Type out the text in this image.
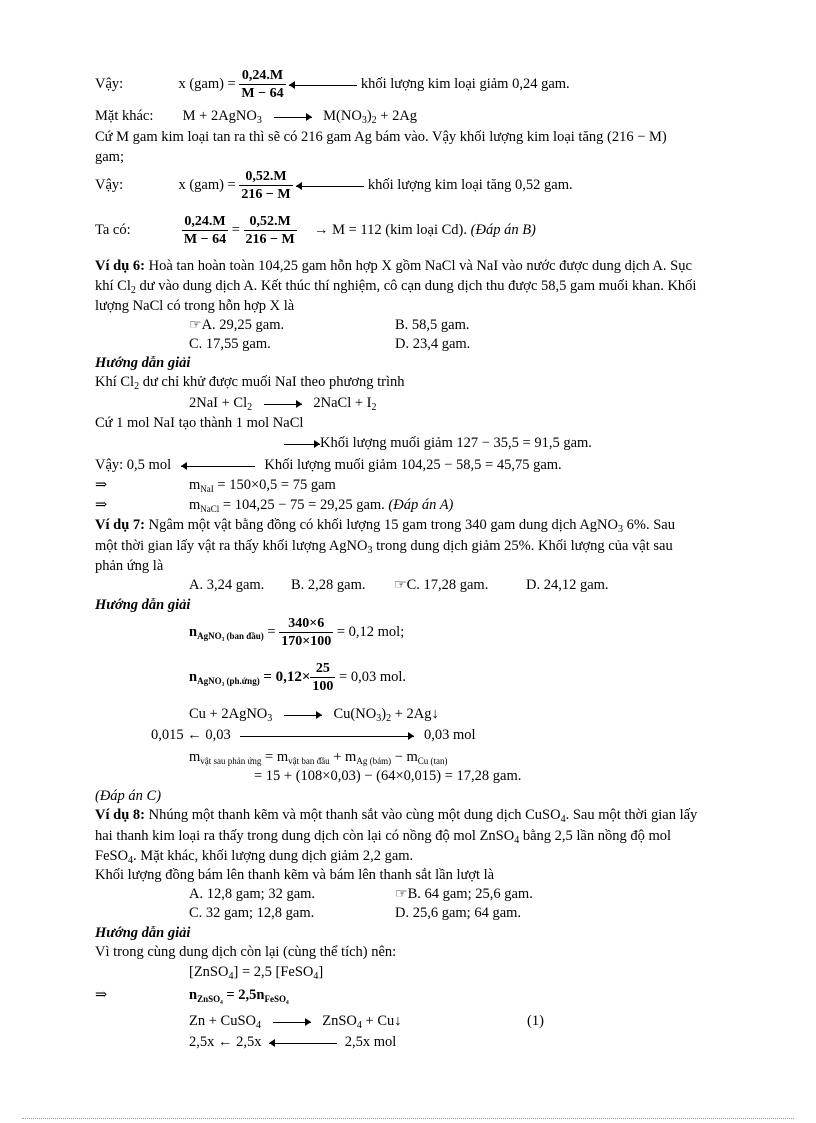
Vậy:	x $(gam) = \frac{0,24.M}{M - 64}$	khối lượng kim loại giảm 0,24 gam.
Mặt khác: M + 2AgNO$_3$	$M(NO_3)_2 + 2Ag$
Cứ M gam kim loại tan ra thì sẽ có 216 gam Ag bám vào. Vậy khối lượng kim loại tăng (216 − M)
gam;
Vậy:	x $(gam) = \frac{0,52.M}{216 - M}$	khối lượng kim loại tăng 0,52 gam.
Ta có:	$\frac{0,24.M}{M - 64} = \frac{0,52.M}{216 - M} \to M = 112$ (kim loại Cd). (Đáp án B)
Ví dụ 6: Hoà tan hoàn toàn 104,25 gam hỗn hợp X gồm NaCl và NaI vào nước được dung dịch A. Sục
khí $Cl_2$ dư vào dung dịch A. Kết thúc thí nghiệm, cô cạn dung dịch thu được 58,5 gam muối khan. Khối
lượng NaCl có trong hỗn hợp X là
☞A. 29,25 gam.	B. 58,5 gam.
C. 17,55 gam.	D. 23,4 gam.
Hướng dẫn giải
Khí $Cl_2$ dư chỉ khử được muối NaI theo phương trình
$2NaI + Cl_2$	2NaCl + $I_2$
Cứ 1 mol NaI tạo thành 1 mol NaCl
Khối lượng muối giảm 127 − 35,5 = 91,5 gam.
Vậy: 0,5 mol	Khối lượng muối giảm 104,25 − 58,5 = 45,75 gam.
⇒	$m_{NaI} = 150\times 0,5 = 75$ gam
⇒	$m_{NaCl} = 104,25 - 75 = 29,25$ gam. (Đáp án A)
Ví dụ 7: Ngâm một vật bằng đồng có khối lượng 15 gam trong 340 gam dung dịch AgNO$_3$ 6%. Sau
một thời gian lấy vật ra thấy khối lượng AgNO$_3$ trong dung dịch giảm 25%. Khối lượng của vật sau
phản ứng là
A. 3,24 gam. B. 2,28 gam. ☞C. 17,28 gam.	D. 24,12 gam.
Hướng dẫn giải
$n_{AgNO_3 (ban đầu)} = \frac{340\times 6}{170\times 100} = 0,12$ mol;
$n_{AgNO_3 (ph.ứng)} = 0,12\times \frac{25}{100} = 0,03$ mol.
Cu + 2AgNO$_3$	$Cu(NO_3)_2$ + 2Ag↓
0,015 ← 0,03	0,03 mol
$m_{vật sau phản ứng} = m_{vật ban đầu} + m_{Ag (bám)} - m_{Cu (tan)}$
= 15 + (108×0,03) − (64×0,015) = 17,28 gam.
(Đáp án C)
Ví dụ 8: Nhúng một thanh kẽm và một thanh sắt vào cùng một dung dịch CuSO$_4$. Sau một thời gian lấy
hai thanh kim loại ra thấy trong dung dịch còn lại có nồng độ mol ZnSO$_4$ bằng 2,5 lần nồng độ mol
FeSO$_4$. Mặt khác, khối lượng dung dịch giảm 2,2 gam.
Khối lượng đồng bám lên thanh kẽm và bám lên thanh sắt lần lượt là
A. 12,8 gam; 32 gam.	☞B. 64 gam; 25,6 gam.
C. 32 gam; 12,8 gam.	D. 25,6 gam; 64 gam.
Hướng dẫn giải
Vì trong cùng dung dịch còn lại (cùng thể tích) nên:
[ZnSO$_4$] = 2,5 [FeSO$_4$]
⇒	$n_{ZnSO_4} = 2,5n_{FeSO_4}$
Zn + CuSO$_4$	ZnSO$_4$ + Cu↓	(1)
2,5x ← 2,5x	2,5x mol
